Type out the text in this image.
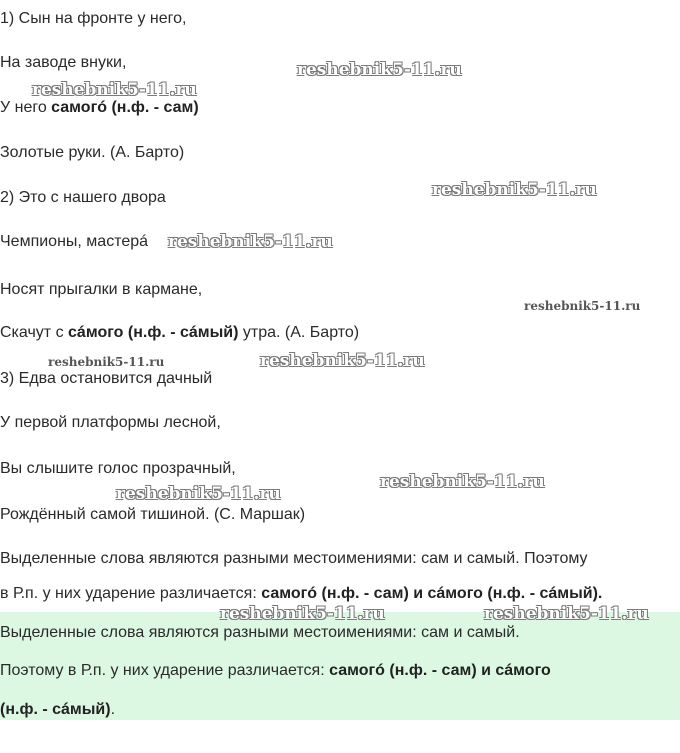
1) Сын на фронте у него,
На заводе внуки,
У него самогó (н.ф. - сам)
Золотые руки. (А. Барто)
2) Это с нашего двора
Чемпионы, мастерá
Носят прыгалки в кармане,
Скачут с сáмого (н.ф. - сáмый) утра. (А. Барто)
3) Едва остановится дачный
У первой платформы лесной,
Вы слышите голос прозрачный,
Рождённый самой тишиной. (С. Маршак)
Выделенные слова являются разными местоимениями: сам и самый. Поэтому
в Р.п. у них ударение различается: самогó (н.ф. - сам) и сáмого (н.ф. - сáмый).
Выделенные слова являются разными местоимениями: сам и самый.
Поэтому в Р.п. у них ударение различается: самогó (н.ф. - сам) и сáмого
(н.ф. - сáмый).
reshebnik5-11.ru
reshebnik5-11.ru
reshebnik5-11.ru
reshebnik5-11.ru
reshebnik5-11.ru
reshebnik5-11.ru	reshebnik5-11.ru
reshebnik5-11.ru
reshebnik5-11.ru
reshebnik5-11.ru	reshebnik5-11.ru
